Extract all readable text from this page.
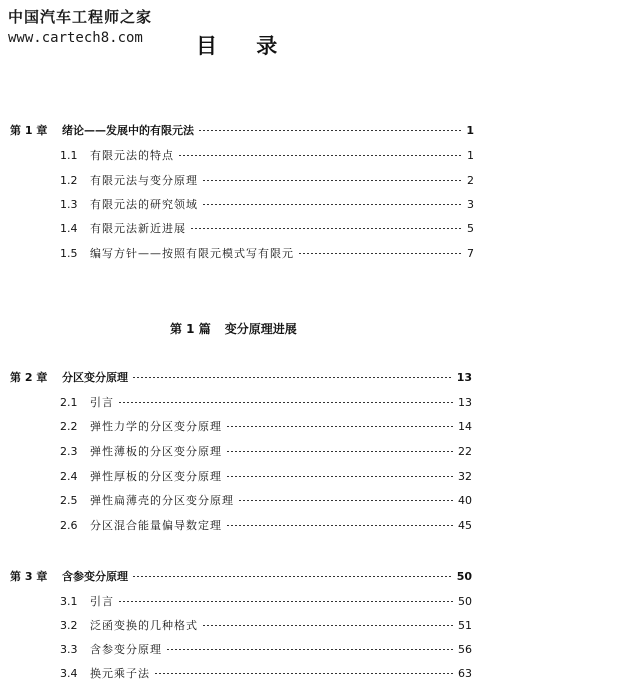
中国汽车工程师之家
www.cartech8.com	目 录
第 1 章	绪论——发展中的有限元法	1
1.1	有限元法的特点	1
1.2	有限元法与变分原理	2
1.3	有限元法的研究领域	3
1.4	有限元法新近进展	5
1.5	编写方针——按照有限元模式写有限元	7
第 1 篇 变分原理进展
第 2 章	分区变分原理	13
2.1	引言	13
2.2	弹性力学的分区变分原理	14
2.3	弹性薄板的分区变分原理	22
2.4	弹性厚板的分区变分原理	32
2.5	弹性扁薄壳的分区变分原理	40
2.6	分区混合能量偏导数定理	45
第 3 章	含参变分原理	50
3.1	引言	50
3.2	泛函变换的几种格式	51
3.3	含参变分原理	56
3.4	换元乘子法	63
